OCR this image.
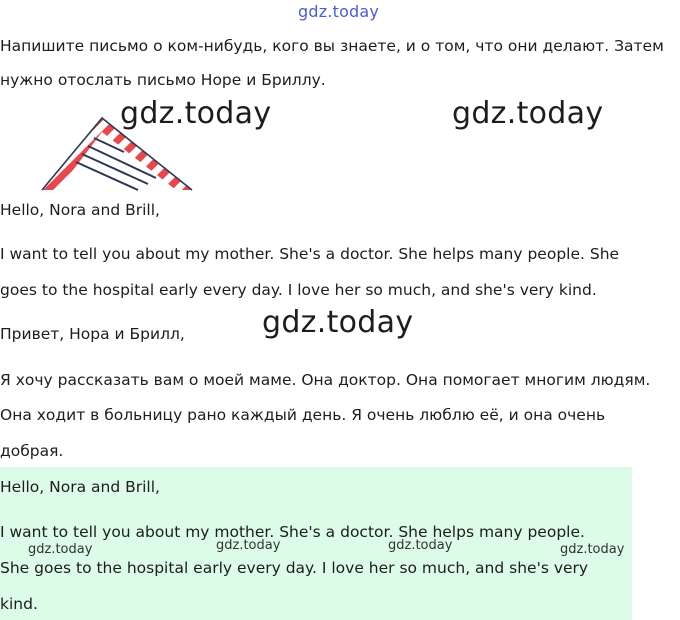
gdz.today
Напишите письмо о ком-нибудь, кого вы знаете, и о том, что они делают. Затем
нужно отослать письмо Норе и Бриллу.
gdz.today	gdz.today
Hello, Nora and Brill,
I want to tell you about my mother. She's a doctor. She helps many people. She
goes to the hospital early every day. I love her so much, and she's very kind.
gdz.today
Привет, Нора и Брилл,
Я хочу рассказать вам о моей маме. Она доктор. Она помогает многим людям.
Она ходит в больницу рано каждый день. Я очень люблю её, и она очень
добрая.
Hello, Nora and Brill,
I want to tell you about my mother. She's a doctor. She helps many people.
gdz.today	gdz.today	gdz.today	gdz.today
She goes to the hospital early every day. I love her so much, and she's very
kind.
